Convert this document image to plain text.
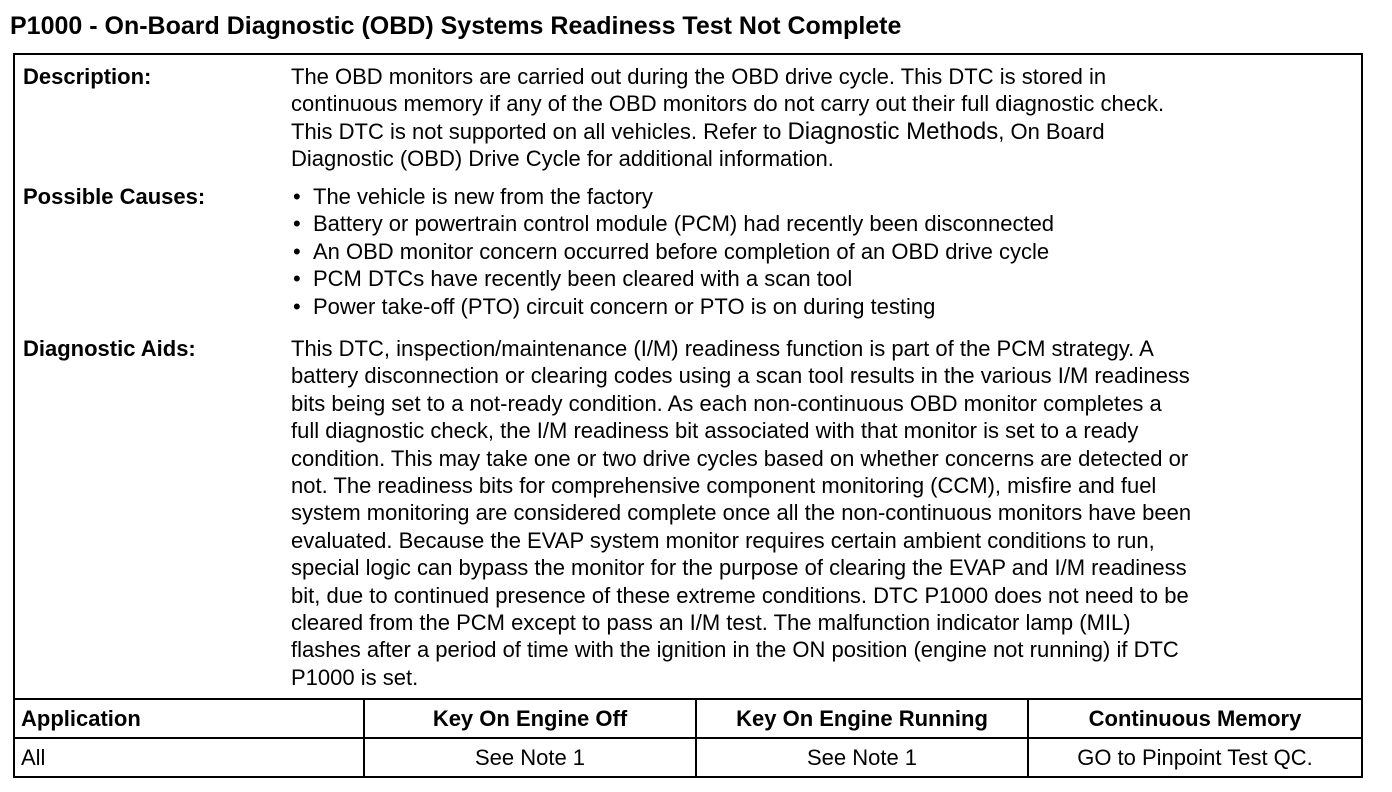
P1000 - On-Board Diagnostic (OBD) Systems Readiness Test Not Complete
Description:	The OBD monitors are carried out during the OBD drive cycle. This DTC is stored in
continuous memory if any of the OBD monitors do not carry out their full diagnostic check.
This DTC is not supported on all vehicles. Refer to Diagnostic Methods, On Board
Diagnostic (OBD) Drive Cycle for additional information.
Possible Causes:
•	The vehicle is new from the factory
• Battery or powertrain control module (PCM) had recently been disconnected
• An OBD monitor concern occurred before completion of an OBD drive cycle
• PCM DTCs have recently been cleared with a scan tool
• Power take-off (PTO) circuit concern or PTO is on during testing
Diagnostic Aids:	This DTC, inspection/maintenance (I/M) readiness function is part of the PCM strategy. A
battery disconnection or clearing codes using a scan tool results in the various I/M readiness
bits being set to a not-ready condition. As each non-continuous OBD monitor completes a
full diagnostic check, the I/M readiness bit associated with that monitor is set to a ready
condition. This may take one or two drive cycles based on whether concerns are detected or
not. The readiness bits for comprehensive component monitoring (CCM), misfire and fuel
system monitoring are considered complete once all the non-continuous monitors have been
evaluated. Because the EVAP system monitor requires certain ambient conditions to run,
special logic can bypass the monitor for the purpose of clearing the EVAP and I/M readiness
bit, due to continued presence of these extreme conditions. DTC P1000 does not need to be
cleared from the PCM except to pass an I/M test. The malfunction indicator lamp (MIL)
flashes after a period of time with the ignition in the ON position (engine not running) if DTC
P1000 is set.
Application	Key On Engine Off	Key On Engine Running	Continuous Memory
All	See Note 1	See Note 1	GO to Pinpoint Test QC.
